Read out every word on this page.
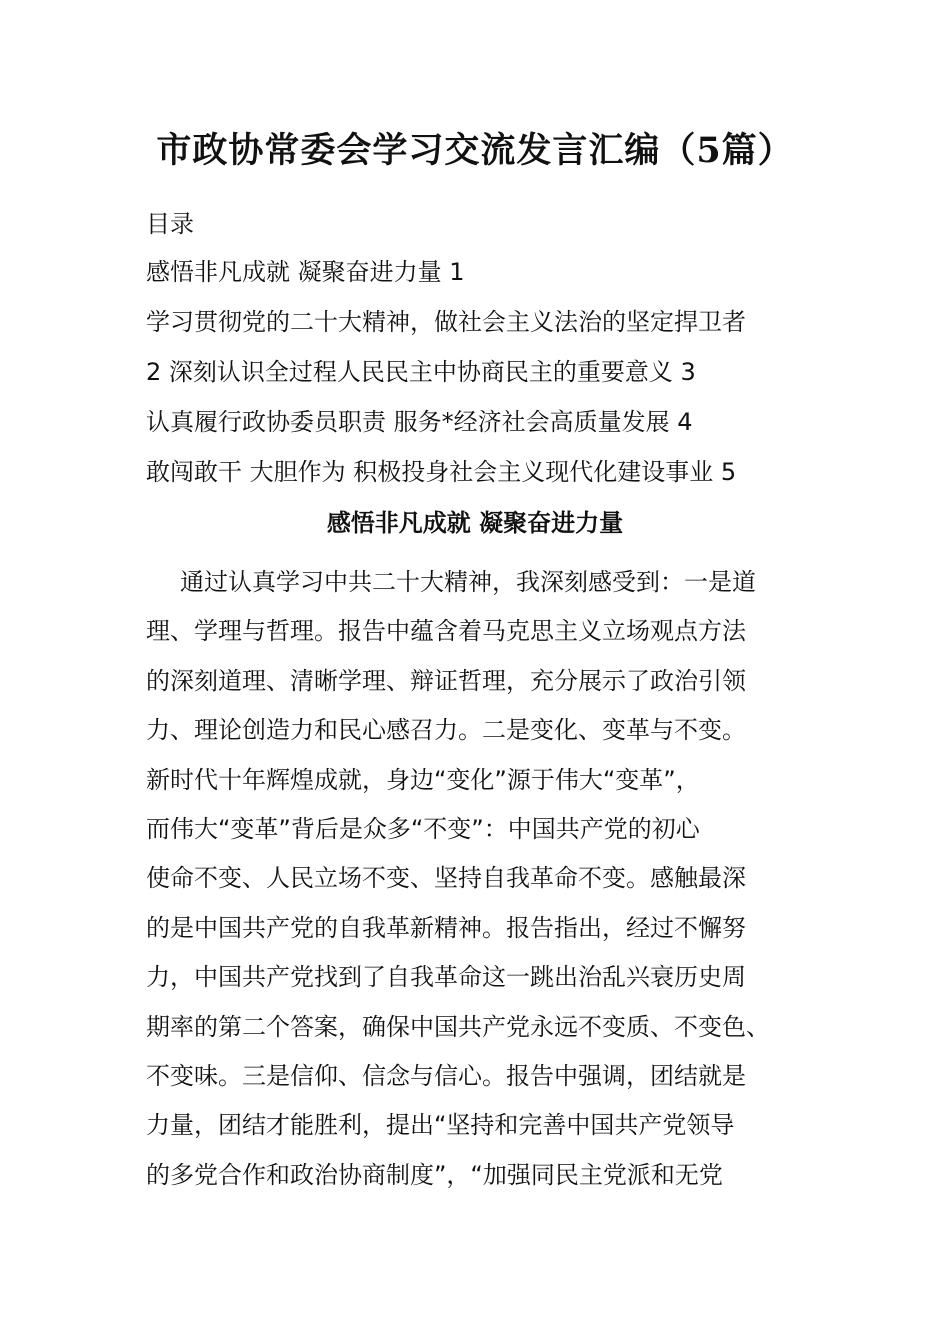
市政协常委会学习交流发言汇编（5篇）
目录
感悟非凡成就 凝聚奋进力量 1
学习贯彻党的二十大精神，做社会主义法治的坚定捍卫者
2 深刻认识全过程人民民主中协商民主的重要意义 3
认真履行政协委员职责 服务*经济社会高质量发展 4
敢闯敢干 大胆作为 积极投身社会主义现代化建设事业 5
感悟非凡成就 凝聚奋进力量
通过认真学习中共二十大精神，我深刻感受到：一是道
理、学理与哲理。报告中蕴含着马克思主义立场观点方法
的深刻道理、清晰学理、辩证哲理，充分展示了政治引领
力、理论创造力和民心感召力。二是变化、变革与不变。
新时代十年辉煌成就，身边“变化”源于伟大“变革”，
而伟大“变革”背后是众多“不变”：中国共产党的初心
使命不变、人民立场不变、坚持自我革命不变。感触最深
的是中国共产党的自我革新精神。报告指出，经过不懈努
力，中国共产党找到了自我革命这一跳出治乱兴衰历史周
期率的第二个答案，确保中国共产党永远不变质、不变色、
不变味。三是信仰、信念与信心。报告中强调，团结就是
力量，团结才能胜利，提出“坚持和完善中国共产党领导
的多党合作和政治协商制度”，“加强同民主党派和无党
